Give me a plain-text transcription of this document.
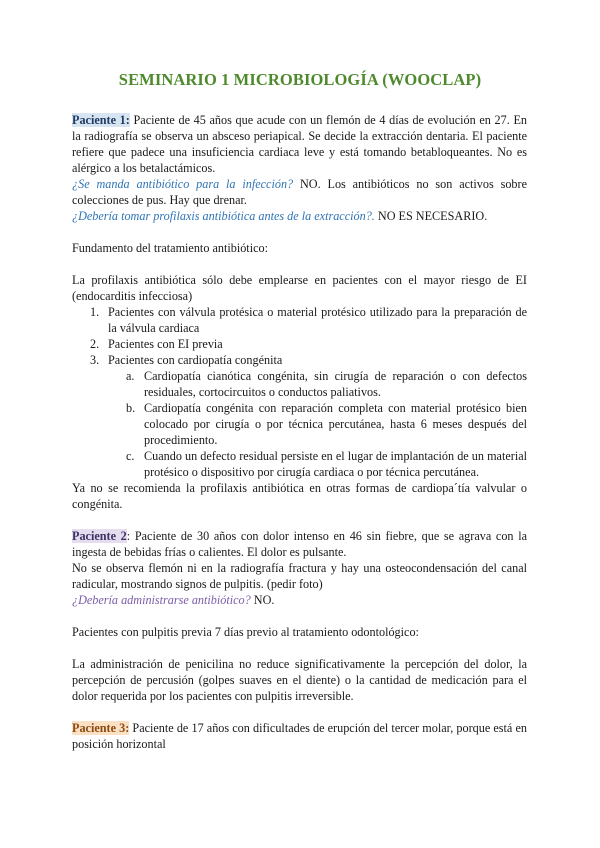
SEMINARIO 1 MICROBIOLOGÍA (WOOCLAP)
Paciente 1: Paciente de 45 años que acude con un flemón de 4 días de evolución en 27. En la radiografía se observa un absceso periapical. Se decide la extracción dentaria. El paciente refiere que padece una insuficiencia cardiaca leve y está tomando betabloqueantes. No es alérgico a los betalactámicos.
¿Se manda antibiótico para la infección? NO. Los antibióticos no son activos sobre colecciones de pus. Hay que drenar.
¿Debería tomar profilaxis antibiótica antes de la extracción?. NO ES NECESARIO.
Fundamento del tratamiento antibiótico:
La profilaxis antibiótica sólo debe emplearse en pacientes con el mayor riesgo de EI (endocarditis infecciosa)
1. Pacientes con válvula protésica o material protésico utilizado para la preparación de la válvula cardiaca
2. Pacientes con EI previa
3. Pacientes con cardiopatía congénita
a. Cardiopatía cianótica congénita, sin cirugía de reparación o con defectos residuales, cortocircuitos o conductos paliativos.
b. Cardiopatía congénita con reparación completa con material protésico bien colocado por cirugía o por técnica percutánea, hasta 6 meses después del procedimiento.
c. Cuando un defecto residual persiste en el lugar de implantación de un material protésico o dispositivo por cirugía cardiaca o por técnica percutánea.
Ya no se recomienda la profilaxis antibiótica en otras formas de cardiopa´tía valvular o congénita.
Paciente 2: Paciente de 30 años con dolor intenso en 46 sin fiebre, que se agrava con la ingesta de bebidas frías o calientes. El dolor es pulsante.
No se observa flemón ni en la radiografía fractura y hay una osteocondensación del canal radicular, mostrando signos de pulpitis. (pedir foto)
¿Debería administrarse antibiótico? NO.
Pacientes con pulpitis previa 7 días previo al tratamiento odontológico:
La administración de penicilina no reduce significativamente la percepción del dolor, la percepción de percusión (golpes suaves en el diente) o la cantidad de medicación para el dolor requerida por los pacientes con pulpitis irreversible.
Paciente 3: Paciente de 17 años con dificultades de erupción del tercer molar, porque está en posición horizontal
